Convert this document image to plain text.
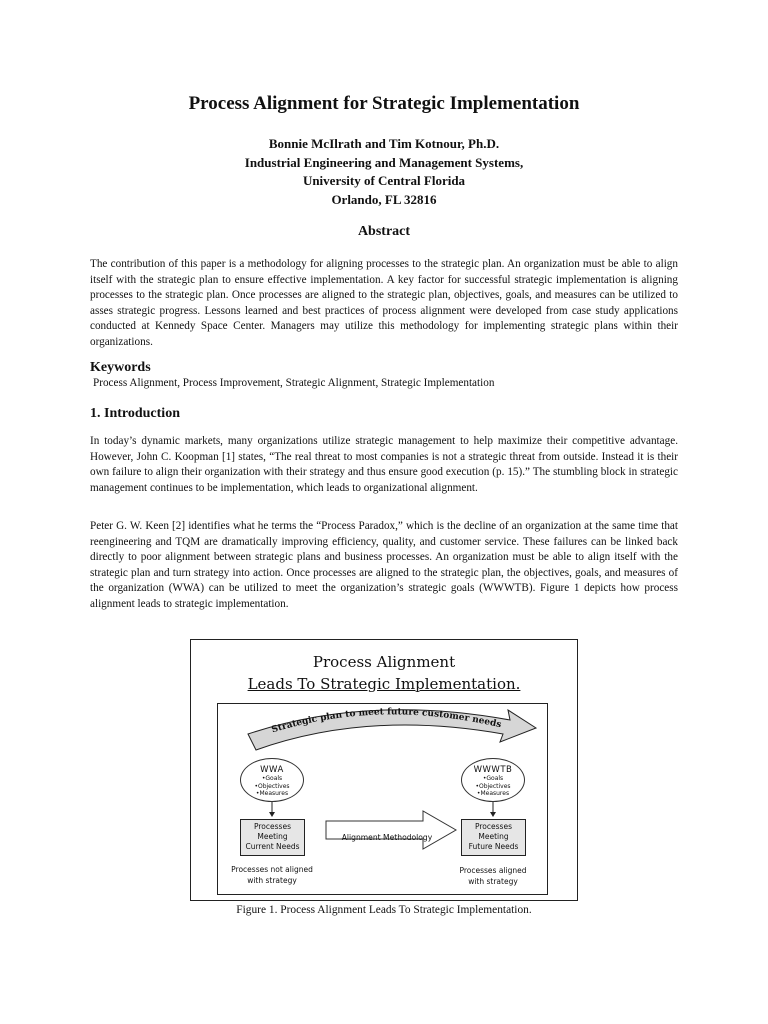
Process Alignment for Strategic Implementation
Bonnie McIlrath and Tim Kotnour, Ph.D.
Industrial Engineering and Management Systems,
University of Central Florida
Orlando, FL 32816
Abstract

The contribution of this paper is a methodology for aligning processes to the strategic plan. An organization must be able to align itself with the strategic plan to ensure effective implementation. A key factor for successful strategic implementation is aligning processes to the strategic plan. Once processes are aligned to the strategic plan, objectives, goals, and measures can be utilized to asses strategic progress. Lessons learned and best practices of process alignment were developed from case study applications conducted at Kennedy Space Center. Managers may utilize this methodology for implementing strategic plans within their organizations.

Keywords
Process Alignment, Process Improvement, Strategic Alignment, Strategic Implementation
1. Introduction

In today’s dynamic markets, many organizations utilize strategic management to help maximize their competitive advantage. However, John C. Koopman [1] states, “The real threat to most companies is not a strategic threat from outside. Instead it is their own failure to align their organization with their strategy and thus ensure good execution (p. 15).” The stumbling block in strategic management continues to be implementation, which leads to organizational alignment.

Peter G. W. Keen [2] identifies what he terms the “Process Paradox,” which is the decline of an organization at the same time that reengineering and TQM are dramatically improving efficiency, quality, and customer service. These failures can be linked back directly to poor alignment between strategic plans and business processes. An organization must be able to align itself with the strategic plan and turn strategy into action. Once processes are aligned to the strategic plan, the objectives, goals, and measures of the organization (WWA) can be utilized to meet the organization’s strategic goals (WWWTB). Figure 1 depicts how process alignment leads to strategic implementation.

Process Alignment
Leads To Strategic Implementation.
Strategic plan to meet future customer needs
WWA
•Goals
•Objectives
•Measures
WWWTB
•Goals
•Objectives
•Measures
Processes
Meeting
Current Needs
Processes
Meeting
Future Needs
Alignment Methodology
Processes not aligned
with strategy
Processes aligned
with strategy
Figure 1. Process Alignment Leads To Strategic Implementation.
